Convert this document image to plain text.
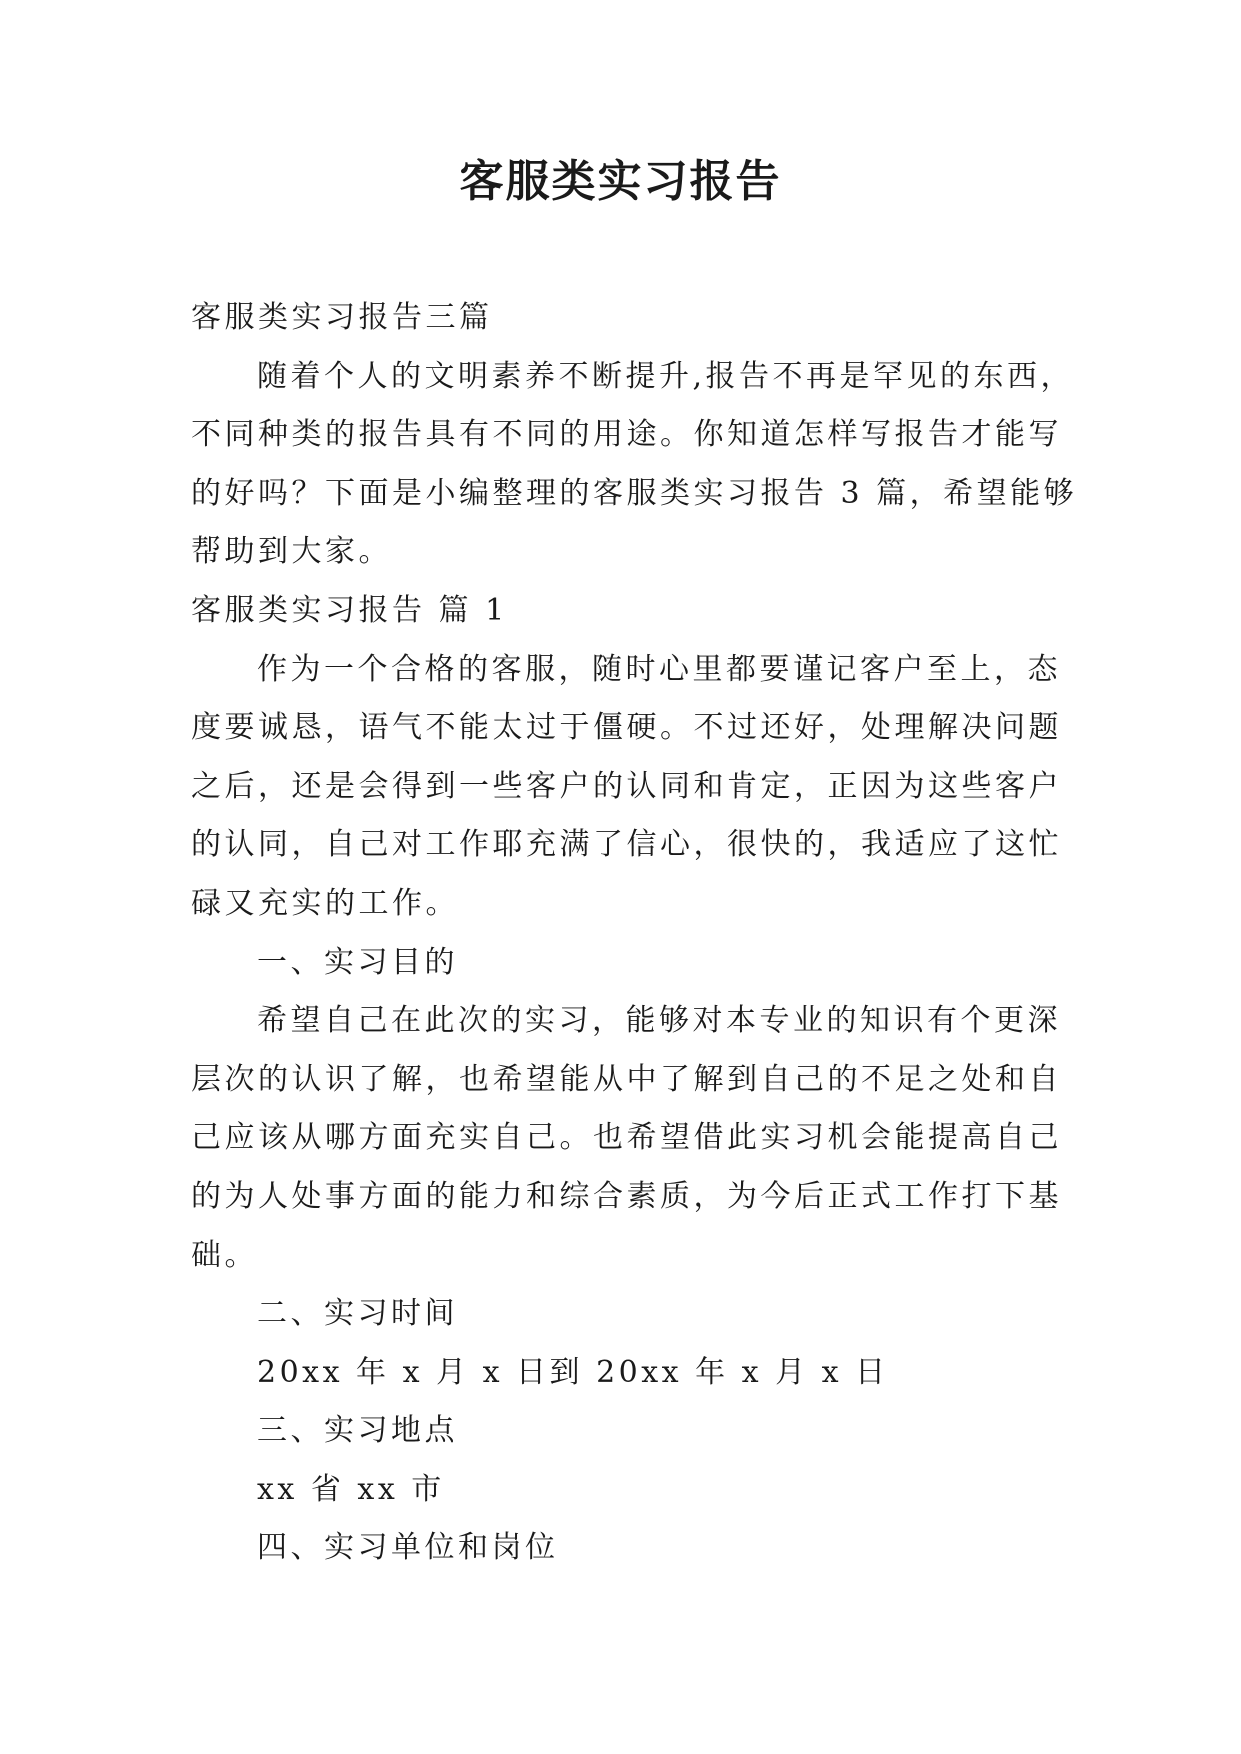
客服类实习报告
客服类实习报告三篇
随着个人的文明素养不断提升,报告不再是罕见的东西，
不同种类的报告具有不同的用途。你知道怎样写报告才能写
的好吗？下面是小编整理的客服类实习报告 3 篇，希望能够
帮助到大家。
客服类实习报告 篇 1
作为一个合格的客服，随时心里都要谨记客户至上，态
度要诚恳，语气不能太过于僵硬。不过还好，处理解决问题
之后，还是会得到一些客户的认同和肯定，正因为这些客户
的认同，自己对工作耶充满了信心，很快的，我适应了这忙
碌又充实的工作。
一、实习目的
希望自己在此次的实习，能够对本专业的知识有个更深
层次的认识了解，也希望能从中了解到自己的不足之处和自
己应该从哪方面充实自己。也希望借此实习机会能提高自己
的为人处事方面的能力和综合素质，为今后正式工作打下基
础。
二、实习时间
20xx 年 x 月 x 日到 20xx 年 x 月 x 日
三、实习地点
xx 省 xx 市
四、实习单位和岗位
